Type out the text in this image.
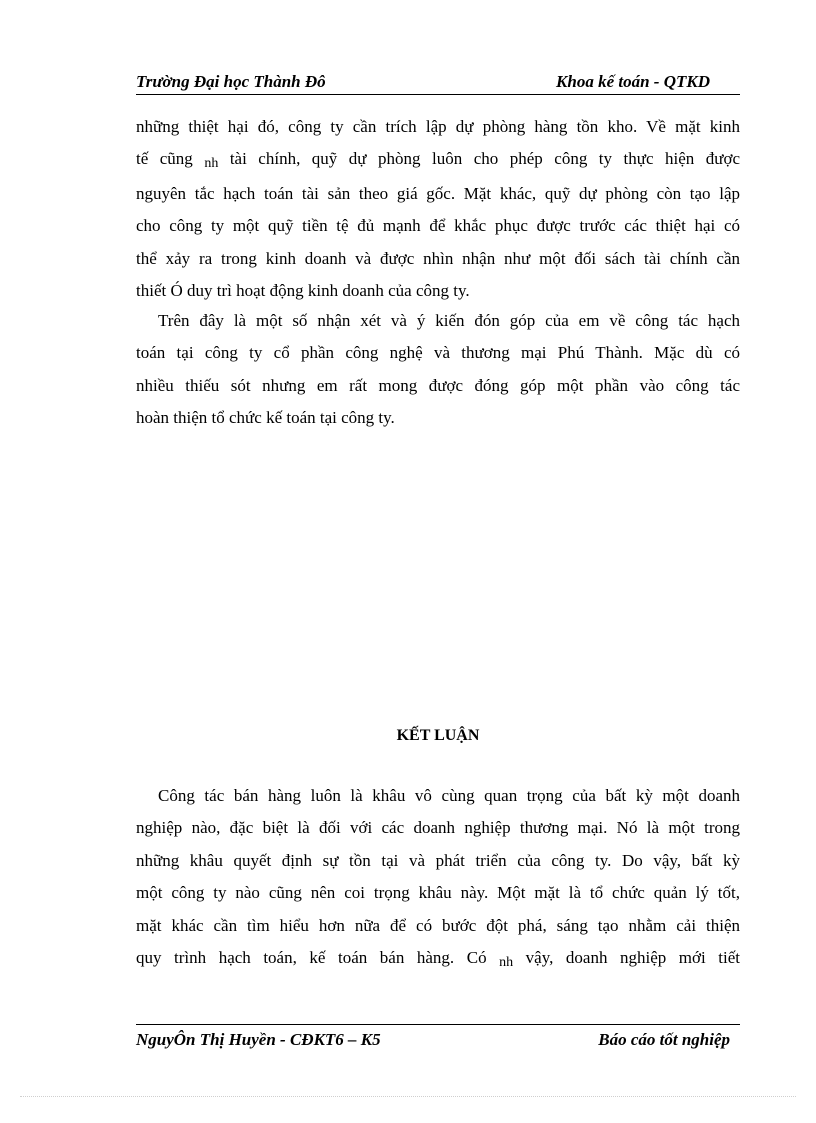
Trường Đại học Thành Đô	Khoa kế toán - QTKD

những thiệt hại đó, công ty cần trích lập dự phòng hàng tồn kho. Về mặt kinh
tế cũng nh tài chính, quỹ dự phòng luôn cho phép công ty thực hiện được
nguyên tắc hạch toán tài sản theo giá gốc. Mặt khác, quỹ dự phòng còn tạo lập
cho công ty một quỹ tiền tệ đủ mạnh để khắc phục được trước các thiệt hại có
thể xảy ra trong kinh doanh và được nhìn nhận như một đối sách tài chính cần
thiết Ó duy trì hoạt động kinh doanh của công ty.

Trên đây là một số nhận xét và ý kiến đón góp của em về công tác hạch
toán tại công ty cổ phần công nghệ và thương mại Phú Thành. Mặc dù có
nhiều thiếu sót nhưng em rất mong được đóng góp một phần vào công tác
hoàn thiện tổ chức kế toán tại công ty.

KẾT LUẬN

Công tác bán hàng luôn là khâu vô cùng quan trọng của bất kỳ một doanh
nghiệp nào, đặc biệt là đối với các doanh nghiệp thương mại. Nó là một trong
những khâu quyết định sự tồn tại và phát triển của công ty. Do vậy, bất kỳ
một công ty nào cũng nên coi trọng khâu này. Một mặt là tổ chức quản lý tốt,
mặt khác cần tìm hiểu hơn nữa để có bước đột phá, sáng tạo nhằm cải thiện
quy trình hạch toán, kế toán bán hàng. Có nh vậy, doanh nghiệp mới tiết

NguyÔn Thị Huyền - CĐKT6 – K5	Báo cáo tốt nghiệp
